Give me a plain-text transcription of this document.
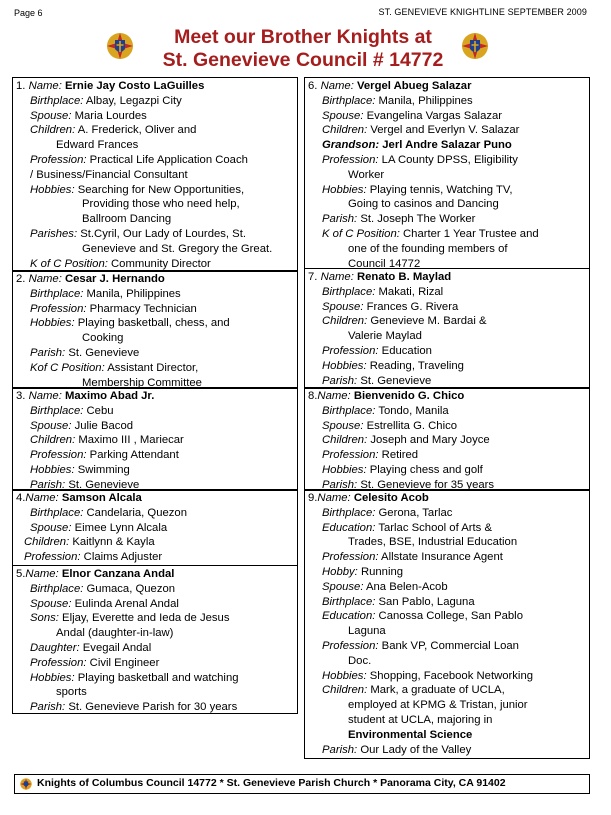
Page 6	ST. GENEVIEVE KNIGHTLINE SEPTEMBER 2009
Meet our Brother Knights at
St. Genevieve Council # 14772
1. Name: Ernie Jay Costo LaGuilles
Birthplace: Albay, Legazpi City
Spouse: Maria Lourdes
Children: A. Frederick, Oliver and
Edward Frances
Profession: Practical Life Application Coach
/ Business/Financial Consultant
Hobbies: Searching for New Opportunities,
Providing those who need help,
Ballroom Dancing
Parishes: St.Cyril, Our Lady of Lourdes, St.
Genevieve and St. Gregory the Great.
K of C Position: Community Director
2. Name: Cesar J. Hernando
Birthplace: Manila, Philippines
Profession: Pharmacy Technician
Hobbies: Playing basketball, chess, and
Cooking
Parish: St. Genevieve
Kof C Position: Assistant Director,
Membership Committee
3. Name: Maximo Abad Jr.
Birthplace: Cebu
Spouse: Julie Bacod
Children: Maximo III , Mariecar
Profession: Parking Attendant
Hobbies: Swimming
Parish: St. Genevieve
4.Name: Samson Alcala
Birthplace: Candelaria, Quezon
Spouse: Eimee Lynn Alcala
Children: Kaitlynn & Kayla
Profession: Claims Adjuster
5.Name: Elnor Canzana Andal
Birthplace: Gumaca, Quezon
Spouse: Eulinda Arenal Andal
Sons: Eljay, Everette and Ieda de Jesus
Andal (daughter-in-law)
Daughter: Evegail Andal
Profession: Civil Engineer
Hobbies: Playing basketball and watching
sports
Parish: St. Genevieve Parish for 30 years
6. Name: Vergel Abueg Salazar
Birthplace: Manila, Philippines
Spouse: Evangelina Vargas Salazar
Children: Vergel and Everlyn V. Salazar
Grandson: Jerl Andre Salazar Puno
Profession: LA County DPSS, Eligibility
Worker
Hobbies: Playing tennis, Watching TV,
Going to casinos and Dancing
Parish: St. Joseph The Worker
K of C Position: Charter 1 Year Trustee and
one of the founding members of
Council 14772
7. Name: Renato B. Maylad
Birthplace: Makati, Rizal
Spouse: Frances G. Rivera
Children: Genevieve M. Bardai &
Valerie Maylad
Profession: Education
Hobbies: Reading, Traveling
Parish: St. Genevieve
8.Name: Bienvenido G. Chico
Birthplace: Tondo, Manila
Spouse: Estrellita G. Chico
Children: Joseph and Mary Joyce
Profession: Retired
Hobbies: Playing chess and golf
Parish: St. Genevieve for 35 years
9.Name: Celesito Acob
Birthplace: Gerona, Tarlac
Education: Tarlac School of Arts &
Trades, BSE, Industrial Education
Profession: Allstate Insurance Agent
Hobby: Running
Spouse: Ana Belen-Acob
Birthplace: San Pablo, Laguna
Education: Canossa College, San Pablo
Laguna
Profession: Bank VP, Commercial Loan
Doc.
Hobbies: Shopping, Facebook Networking
Children: Mark, a graduate of UCLA,
employed at KPMG & Tristan, junior
student at UCLA, majoring in
Environmental Science
Parish: Our Lady of the Valley
Knights of Columbus Council 14772 * St. Genevieve Parish Church * Panorama City, CA 91402
